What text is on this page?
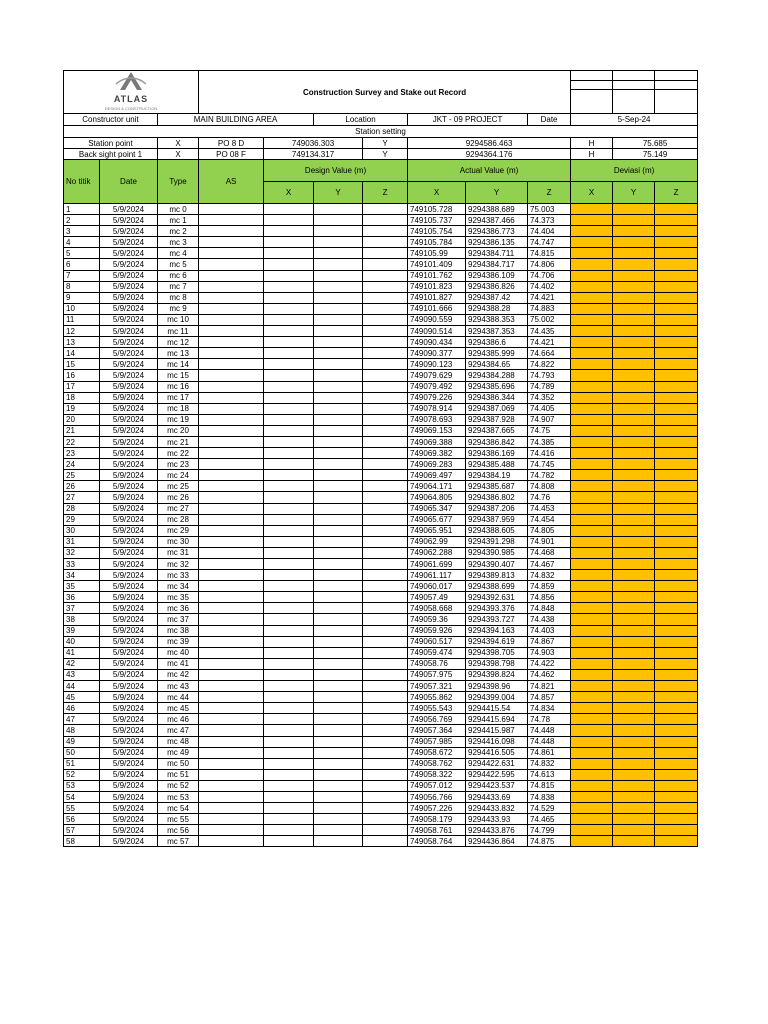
ATLAS
DESIGN & CONSTRUCTION			Construction Survey and Stake out Record									

Constructor unit		MAIN BUILDING AREA			Location		JKT - 09 PROJECT		Date	5-Sep-24		
Station setting												
Station point		X	PO 8 D	749036.303		Y	9294586.463			H	75.685	
Back sight point 1		X	PO 08 F	749134.317		Y	9294364.176			H	75.149	
No titik	Date	Type	AS	Design Value (m)			Actual Value (m)			Deviasi (m)		
				X	Y	Z	X	Y	Z	X	Y	Z
1	5/9/2024	mc 0					749105.728	9294388.689	75.003			
2	5/9/2024	mc 1					749105.737	9294387.466	74.373			
3	5/9/2024	mc 2					749105.754	9294386.773	74.404			
4	5/9/2024	mc 3					749105.784	9294386.135	74.747			
5	5/9/2024	mc 4					749105.99	9294384.711	74.815			
6	5/9/2024	mc 5					749101.409	9294384.717	74.806			
7	5/9/2024	mc 6					749101.762	9294386.109	74.706			
8	5/9/2024	mc 7					749101.823	9294386.826	74.402			
9	5/9/2024	mc 8					749101.827	9294387.42	74.421			
10	5/9/2024	mc 9					749101.666	9294388.28	74.883			
11	5/9/2024	mc 10					749090.559	9294388.353	75.002			
12	5/9/2024	mc 11					749090.514	9294387.353	74.435			
13	5/9/2024	mc 12					749090.434	9294386.6	74.421			
14	5/9/2024	mc 13					749090.377	9294385.999	74.664			
15	5/9/2024	mc 14					749090.123	9294384.65	74.822			
16	5/9/2024	mc 15					749079.629	9294384.288	74.793			
17	5/9/2024	mc 16					749079.492	9294385.696	74.789			
18	5/9/2024	mc 17					749079.226	9294386.344	74.352			
19	5/9/2024	mc 18					749078.914	9294387.069	74.405			
20	5/9/2024	mc 19					749078.693	9294387.928	74.907			
21	5/9/2024	mc 20					749069.153	9294387.665	74.75			
22	5/9/2024	mc 21					749069.388	9294386.842	74.385			
23	5/9/2024	mc 22					749069.382	9294386.169	74.416			
24	5/9/2024	mc 23					749069.283	9294385.488	74.745			
25	5/9/2024	mc 24					749069.497	9294384.19	74.782			
26	5/9/2024	mc 25					749064.171	9294385.687	74.808			
27	5/9/2024	mc 26					749064.805	9294386.802	74.76			
28	5/9/2024	mc 27					749065.347	9294387.206	74.453			
29	5/9/2024	mc 28					749065.677	9294387.959	74.454			
30	5/9/2024	mc 29					749065.951	9294388.605	74.805			
31	5/9/2024	mc 30					749062.99	9294391.298	74.901			
32	5/9/2024	mc 31					749062.288	9294390.985	74.468			
33	5/9/2024	mc 32					749061.699	9294390.407	74.467			
34	5/9/2024	mc 33					749061.117	9294389.813	74.832			
35	5/9/2024	mc 34					749060.017	9294388.699	74.859			
36	5/9/2024	mc 35					749057.49	9294392.631	74.856			
37	5/9/2024	mc 36					749058.668	9294393.376	74.848			
38	5/9/2024	mc 37					749059.36	9294393.727	74.438			
39	5/9/2024	mc 38					749059.926	9294394.163	74.403			
40	5/9/2024	mc 39					749060.517	9294394.619	74.867			
41	5/9/2024	mc 40					749059.474	9294398.705	74.903			
42	5/9/2024	mc 41					749058.76	9294398.798	74.422			
43	5/9/2024	mc 42					749057.975	9294398.824	74.462			
44	5/9/2024	mc 43					749057.321	9294398.96	74.821			
45	5/9/2024	mc 44					749055.862	9294399.004	74.857			
46	5/9/2024	mc 45					749055.543	9294415.54	74.834			
47	5/9/2024	mc 46					749056.769	9294415.694	74.78			
48	5/9/2024	mc 47					749057.364	9294415.987	74.448			
49	5/9/2024	mc 48					749057.985	9294416.098	74.448			
50	5/9/2024	mc 49					749058.672	9294416.505	74.861			
51	5/9/2024	mc 50					749058.762	9294422.631	74.832			
52	5/9/2024	mc 51					749058.322	9294422.595	74.613			
53	5/9/2024	mc 52					749057.012	9294423.537	74.815			
54	5/9/2024	mc 53					749056.766	9294433.69	74.838			
55	5/9/2024	mc 54					749057.226	9294433.832	74.529			
56	5/9/2024	mc 55					749058.179	9294433.93	74.465			
57	5/9/2024	mc 56					749058.761	9294433.876	74.799			
58	5/9/2024	mc 57					749058.764	9294436.864	74.875			
